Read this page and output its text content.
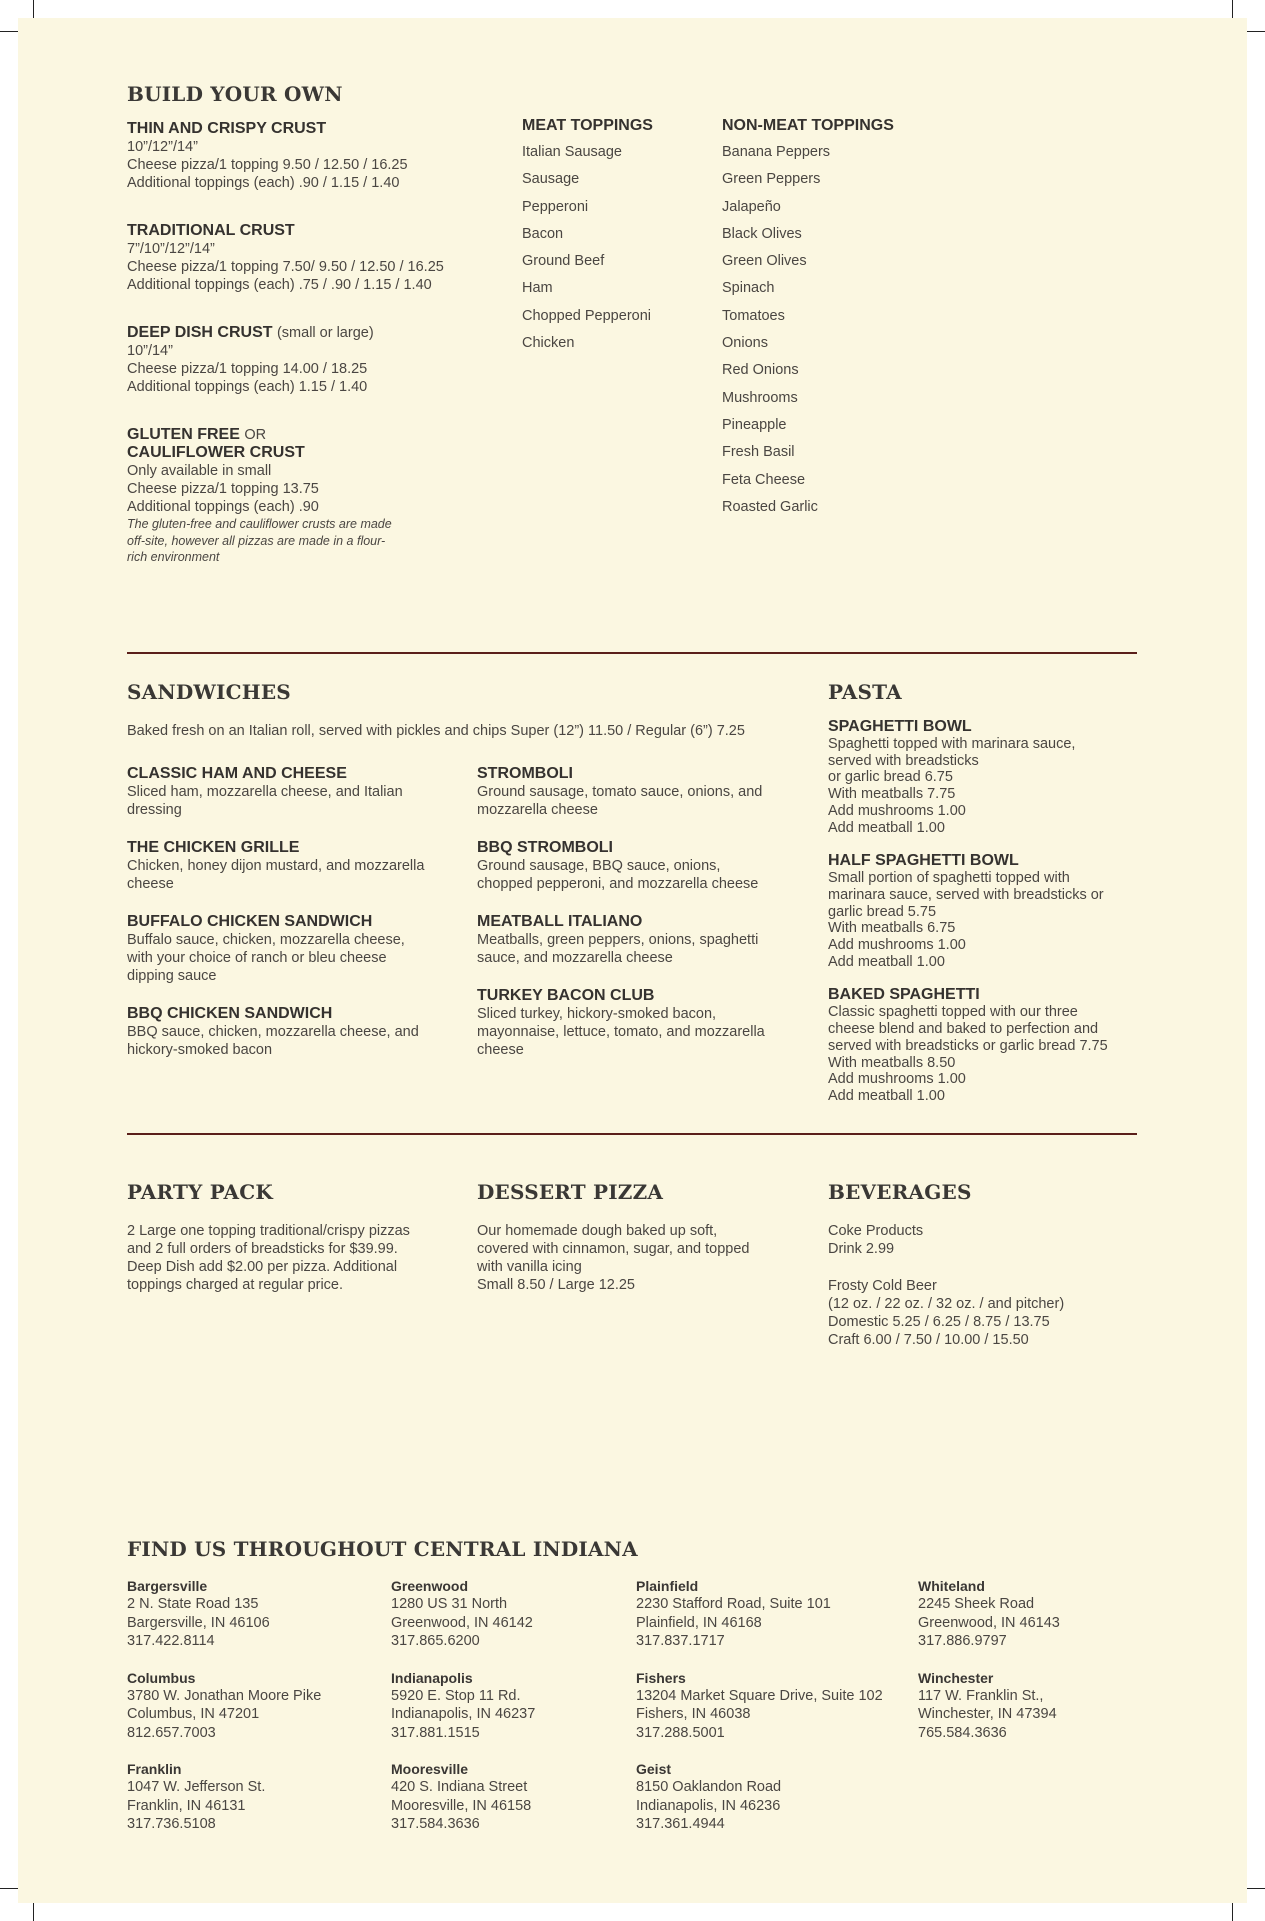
BUILD YOUR OWN
THIN AND CRISPY CRUST
10”/12”/14”
Cheese pizza/1 topping 9.50 / 12.50 / 16.25
Additional toppings (each) .90 / 1.15 / 1.40
TRADITIONAL CRUST
7”/10”/12”/14”
Cheese pizza/1 topping 7.50/ 9.50 / 12.50 / 16.25
Additional toppings (each) .75 / .90 / 1.15 / 1.40
DEEP DISH CRUST (small or large)
10”/14”
Cheese pizza/1 topping 14.00 / 18.25
Additional toppings (each) 1.15 / 1.40
GLUTEN FREE OR
CAULIFLOWER CRUST
Only available in small
Cheese pizza/1 topping 13.75
Additional toppings (each) .90
The gluten-free and cauliflower crusts are made off-site, however all pizzas are made in a flour-rich environment
MEAT TOPPINGS
Italian Sausage
Sausage
Pepperoni
Bacon
Ground Beef
Ham
Chopped Pepperoni
Chicken
NON-MEAT TOPPINGS
Banana Peppers
Green Peppers
Jalapeño
Black Olives
Green Olives
Spinach
Tomatoes
Onions
Red Onions
Mushrooms
Pineapple
Fresh Basil
Feta Cheese
Roasted Garlic
SANDWICHES
Baked fresh on an Italian roll, served with pickles and chips Super (12”) 11.50 / Regular (6”) 7.25
CLASSIC HAM AND CHEESE
Sliced ham, mozzarella cheese, and Italian dressing
THE CHICKEN GRILLE
Chicken, honey dijon mustard, and mozzarella cheese
BUFFALO CHICKEN SANDWICH
Buffalo sauce, chicken, mozzarella cheese, with your choice of ranch or bleu cheese dipping sauce
BBQ CHICKEN SANDWICH
BBQ sauce, chicken, mozzarella cheese, and hickory-smoked bacon
STROMBOLI
Ground sausage, tomato sauce, onions, and mozzarella cheese
BBQ STROMBOLI
Ground sausage, BBQ sauce, onions, chopped pepperoni, and mozzarella cheese
MEATBALL ITALIANO
Meatballs, green peppers, onions, spaghetti sauce, and mozzarella cheese
TURKEY BACON CLUB
Sliced turkey, hickory-smoked bacon, mayonnaise, lettuce, tomato, and mozzarella cheese
PASTA
SPAGHETTI BOWL
Spaghetti topped with marinara sauce,
served with breadsticks
or garlic bread 6.75
With meatballs 7.75
Add mushrooms 1.00
Add meatball 1.00
HALF SPAGHETTI BOWL
Small portion of spaghetti topped with
marinara sauce, served with breadsticks or
garlic bread 5.75
With meatballs 6.75
Add mushrooms 1.00
Add meatball 1.00
BAKED SPAGHETTI
Classic spaghetti topped with our three
cheese blend and baked to perfection and
served with breadsticks or garlic bread 7.75
With meatballs 8.50
Add mushrooms 1.00
Add meatball 1.00
PARTY PACK
2 Large one topping traditional/crispy pizzas
and 2 full orders of breadsticks for $39.99.
Deep Dish add $2.00 per pizza. Additional
toppings charged at regular price.
DESSERT PIZZA
Our homemade dough baked up soft,
covered with cinnamon, sugar, and topped
with vanilla icing
Small 8.50 / Large 12.25
BEVERAGES
Coke Products
Drink 2.99
Frosty Cold Beer
(12 oz. / 22 oz. / 32 oz. / and pitcher)
Domestic 5.25 / 6.25 / 8.75 / 13.75
Craft 6.00 / 7.50 / 10.00 / 15.50
FIND US THROUGHOUT CENTRAL INDIANA
Bargersville
2 N. State Road 135
Bargersville, IN 46106
317.422.8114
Columbus
3780 W. Jonathan Moore Pike
Columbus, IN 47201
812.657.7003
Franklin
1047 W. Jefferson St.
Franklin, IN 46131
317.736.5108
Greenwood
1280 US 31 North
Greenwood, IN 46142
317.865.6200
Indianapolis
5920 E. Stop 11 Rd.
Indianapolis, IN 46237
317.881.1515
Mooresville
420 S. Indiana Street
Mooresville, IN 46158
317.584.3636
Plainfield
2230 Stafford Road, Suite 101
Plainfield, IN 46168
317.837.1717
Fishers
13204 Market Square Drive, Suite 102
Fishers, IN 46038
317.288.5001
Geist
8150 Oaklandon Road
Indianapolis, IN 46236
317.361.4944
Whiteland
2245 Sheek Road
Greenwood, IN 46143
317.886.9797
Winchester
117 W. Franklin St.,
Winchester, IN 47394
765.584.3636
